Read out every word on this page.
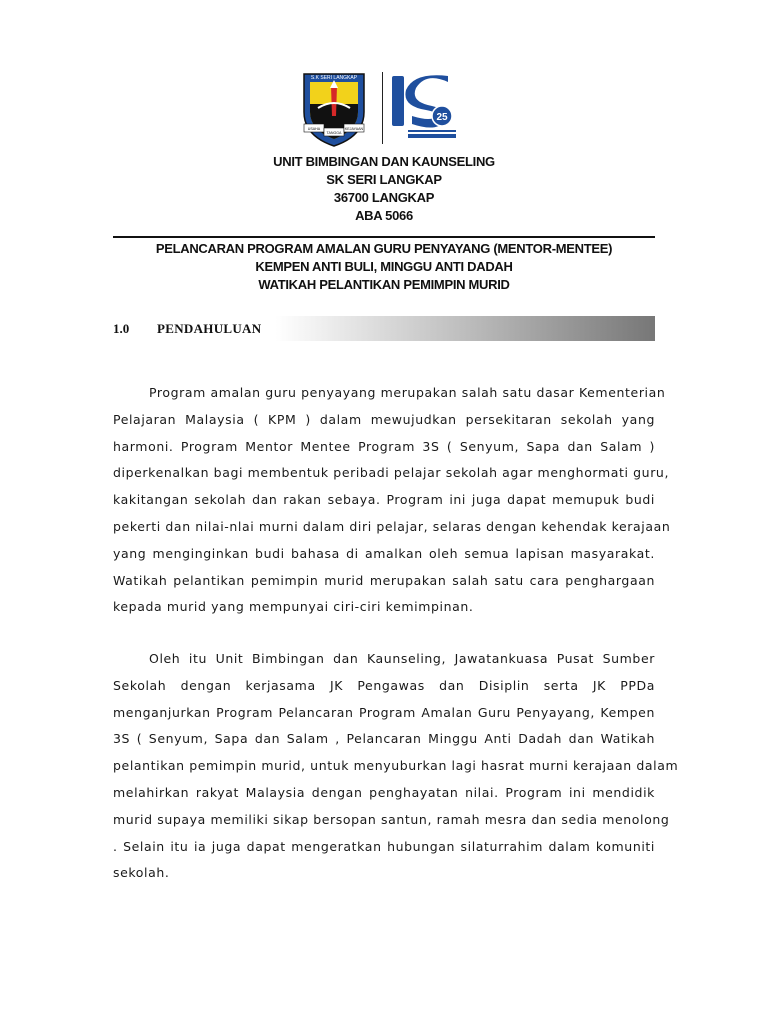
S.K SERI LANGKAP
USAHA
TANGGA
KEJAYAAN
25
1S
UNIT BIMBINGAN DAN KAUNSELING
SK SERI LANGKAP
36700 LANGKAP
ABA 5066
PELANCARAN PROGRAM AMALAN GURU PENYAYANG (MENTOR-MENTEE)
KEMPEN ANTI BULI, MINGGU ANTI DADAH
WATIKAH PELANTIKAN PEMIMPIN MURID
1.0 PENDAHULUAN
Program amalan guru penyayang merupakan salah satu dasar Kementerian
Pelajaran Malaysia ( KPM ) dalam mewujudkan persekitaran sekolah yang
harmoni. Program Mentor Mentee Program 3S ( Senyum, Sapa dan Salam )
diperkenalkan bagi membentuk peribadi pelajar sekolah agar menghormati guru,
kakitangan sekolah dan rakan sebaya. Program ini juga dapat memupuk budi
pekerti dan nilai-nlai murni dalam diri pelajar, selaras dengan kehendak kerajaan
yang menginginkan budi bahasa di amalkan oleh semua lapisan masyarakat.
Watikah pelantikan pemimpin murid merupakan salah satu cara penghargaan
kepada murid yang mempunyai ciri-ciri kemimpinan.
Oleh itu Unit Bimbingan dan Kaunseling, Jawatankuasa Pusat Sumber
Sekolah dengan kerjasama JK Pengawas dan Disiplin serta JK PPDa
menganjurkan Program Pelancaran Program Amalan Guru Penyayang, Kempen
3S ( Senyum, Sapa dan Salam , Pelancaran Minggu Anti Dadah dan Watikah
pelantikan pemimpin murid, untuk menyuburkan lagi hasrat murni kerajaan dalam
melahirkan rakyat Malaysia dengan penghayatan nilai. Program ini mendidik
murid supaya memiliki sikap bersopan santun, ramah mesra dan sedia menolong
. Selain itu ia juga dapat mengeratkan hubungan silaturrahim dalam komuniti
sekolah.
